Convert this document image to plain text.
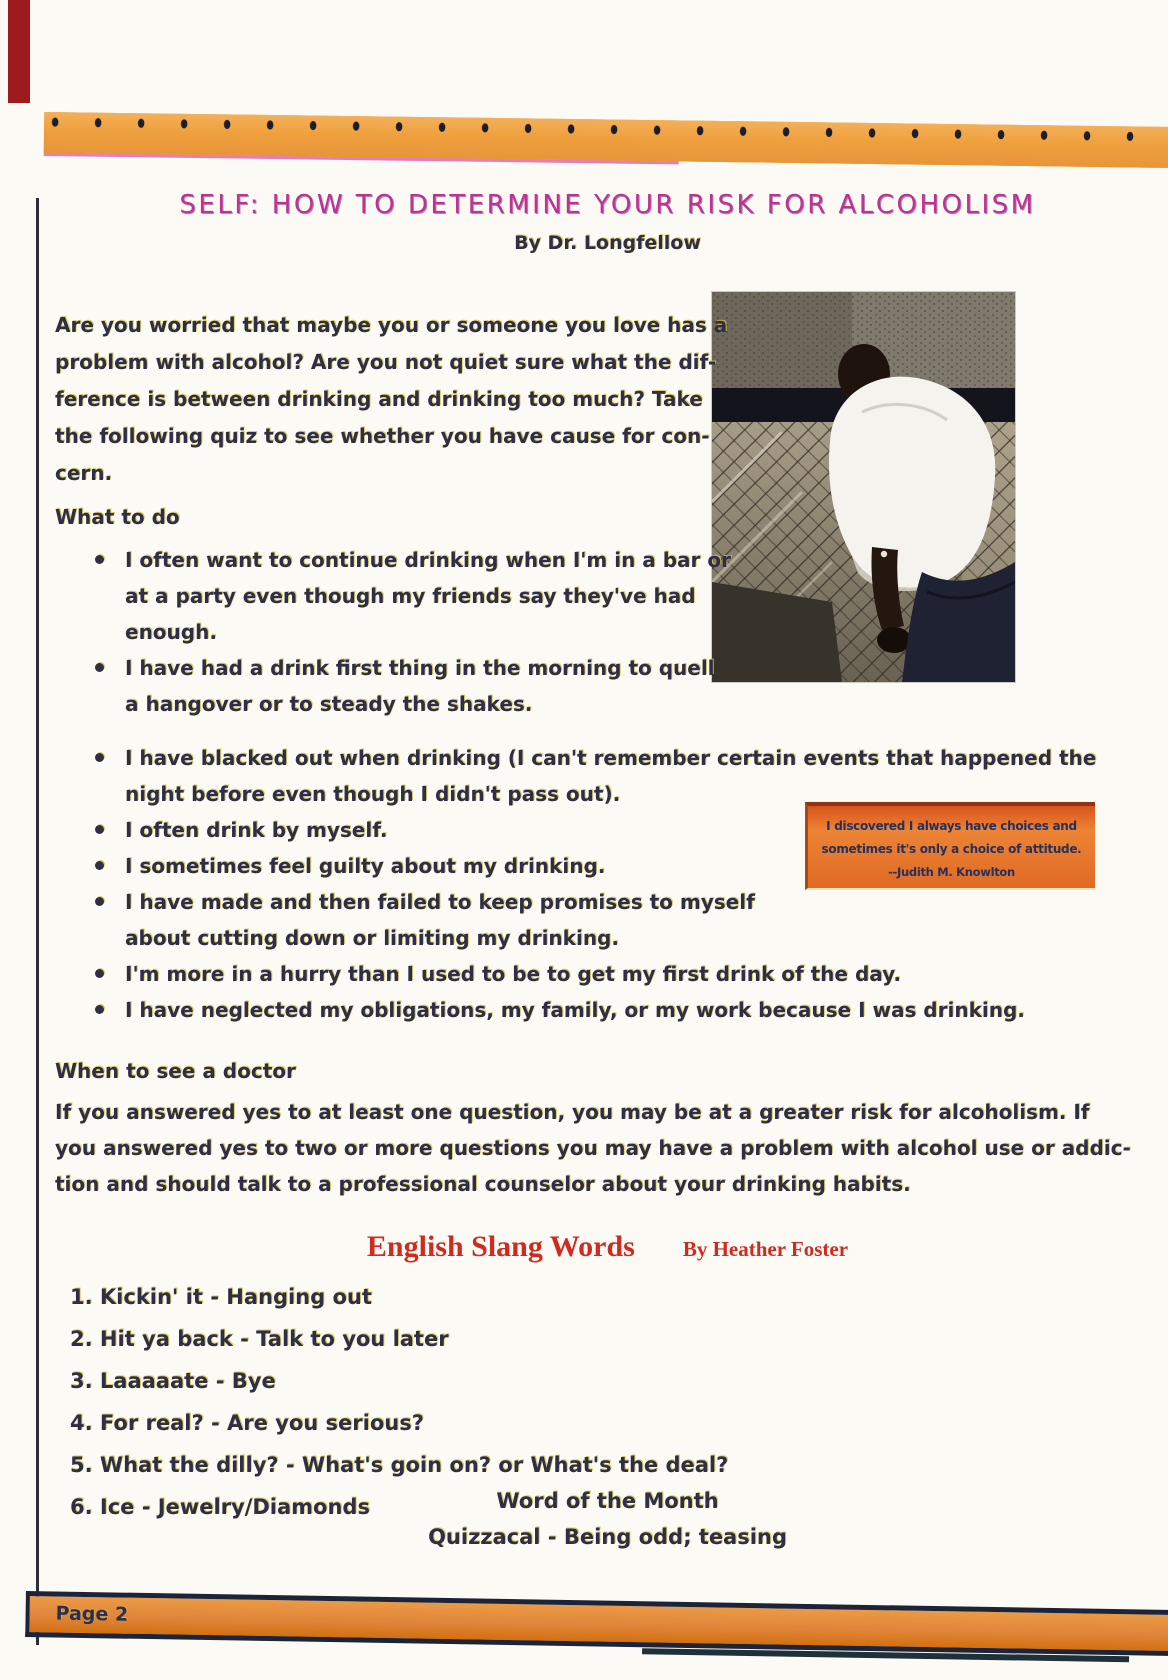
I discovered I always have choices and
sometimes it's only a choice of attitude.
--Judith M. Knowlton
SELF: HOW TO DETERMINE YOUR RISK FOR ALCOHOLISM
By Dr. Longfellow
Are you worried that maybe you or someone you love has a
problem with alcohol? Are you not quiet sure what the dif-
ference is between drinking and drinking too much? Take
the following quiz to see whether you have cause for con-
cern.
What to do
I often want to continue drinking when I'm in a bar or
at a party even though my friends say they've had
enough.
I have had a drink first thing in the morning to quell
a hangover or to steady the shakes.
I have blacked out when drinking (I can't remember certain events that happened the
night before even though I didn't pass out).
I often drink by myself.
I sometimes feel guilty about my drinking.
I have made and then failed to keep promises to myself
about cutting down or limiting my drinking.
I'm more in a hurry than I used to be to get my first drink of the day.
I have neglected my obligations, my family, or my work because I was drinking.
When to see a doctor
If you answered yes to at least one question, you may be at a greater risk for alcoholism. If
you answered yes to two or more questions you may have a problem with alcohol use or addic-
tion and should talk to a professional counselor about your drinking habits.
English Slang Words By Heather Foster
1. Kickin' it - Hanging out
2. Hit ya back - Talk to you later
3. Laaaaate - Bye
4. For real? - Are you serious?
5. What the dilly? - What's goin on? or What's the deal?
6. Ice - Jewelry/Diamonds	Word of the Month
Quizzacal - Being odd; teasing
Page 2
